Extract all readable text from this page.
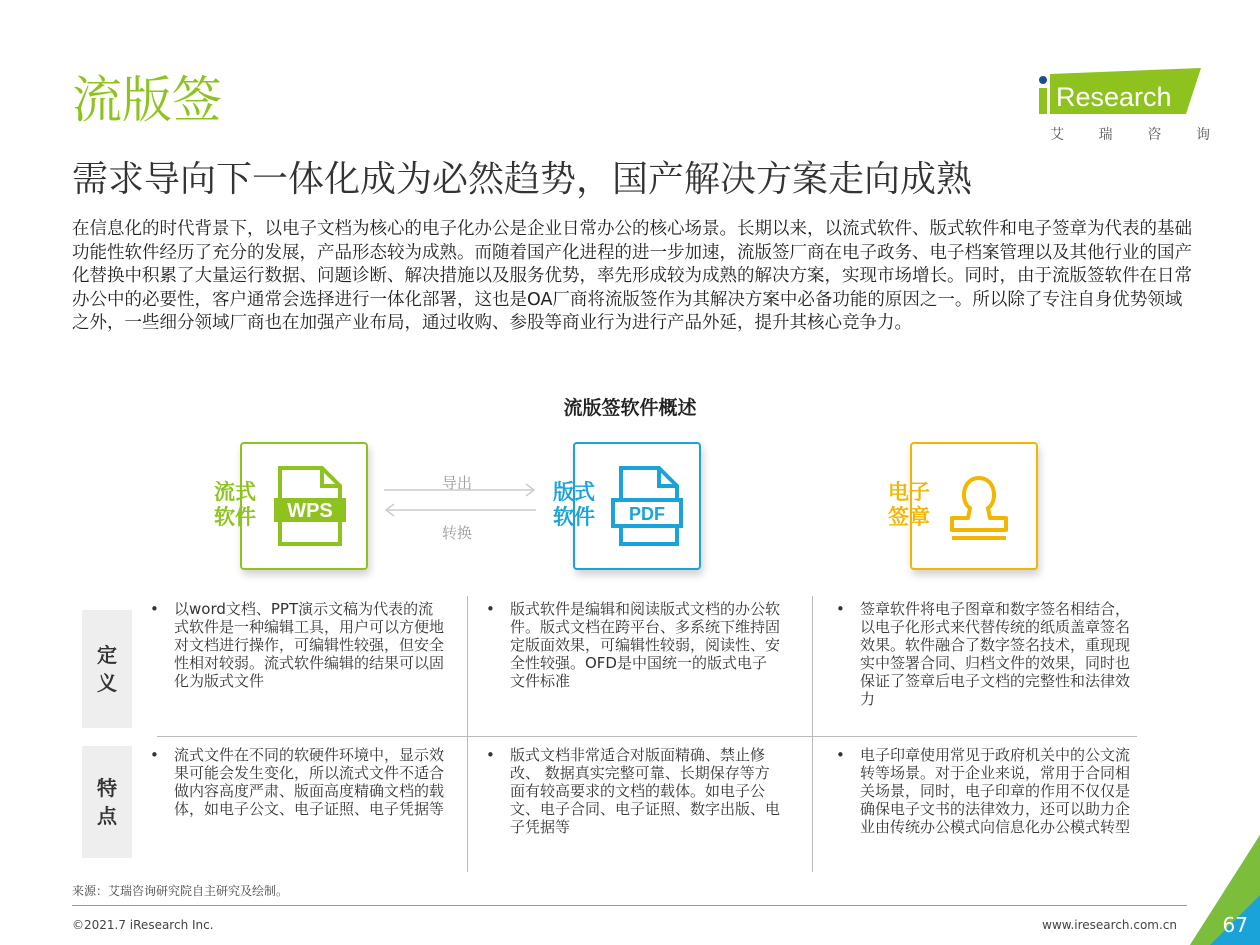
流版签
需求导向下一体化成为必然趋势，国产解决方案走向成熟
Research
艾 瑞 咨 询

在信息化的时代背景下，以电子文档为核心的电子化办公是企业日常办公的核心场景。长期以来，以流式软件、版式软件和电子签章为代表的基础功能性软件经历了充分的发展，产品形态较为成熟。而随着国产化进程的进一步加速，流版签厂商在电子政务、电子档案管理以及其他行业的国产化替换中积累了大量运行数据、问题诊断、解决措施以及服务优势，率先形成较为成熟的解决方案，实现市场增长。同时，由于流版签软件在日常办公中的必要性，客户通常会选择进行一体化部署，这也是OA厂商将流版签作为其解决方案中必备功能的原因之一。所以除了专注自身优势领域之外，一些细分领域厂商也在加强产业布局，通过收购、参股等商业行为进行产品外延，提升其核心竞争力。

流版签软件概述
流式
软件 WPS
导出
转换
版式
软件 PDF
电子
签章
定
义
特
点
• 以word文档、PPT演示文稿为代表的流式软件是一种编辑工具，用户可以方便地对文档进行操作，可编辑性较强，但安全性相对较弱。流式软件编辑的结果可以固化为版式文件
• 版式软件是编辑和阅读版式文档的办公软件。版式文档在跨平台、多系统下维持固定版面效果，可编辑性较弱，阅读性、安全性较强。OFD是中国统一的版式电子文件标准
• 签章软件将电子图章和数字签名相结合，以电子化形式来代替传统的纸质盖章签名效果。软件融合了数字签名技术，重现现实中签署合同、归档文件的效果，同时也保证了签章后电子文档的完整性和法律效力
• 流式文件在不同的软硬件环境中，显示效果可能会发生变化，所以流式文件不适合做内容高度严肃、版面高度精确文档的载体，如电子公文、电子证照、电子凭据等
• 版式文档非常适合对版面精确、禁止修改、 数据真实完整可靠、长期保存等方面有较高要求的文档的载体。如电子公文、电子合同、电子证照、数字出版、电子凭据等
• 电子印章使用常见于政府机关中的公文流转等场景。对于企业来说，常用于合同相关场景，同时，电子印章的作用不仅仅是确保电子文书的法律效力，还可以助力企业由传统办公模式向信息化办公模式转型
来源：艾瑞咨询研究院自主研究及绘制。
©2021.7 iResearch Inc.	www.iresearch.com.cn 67
